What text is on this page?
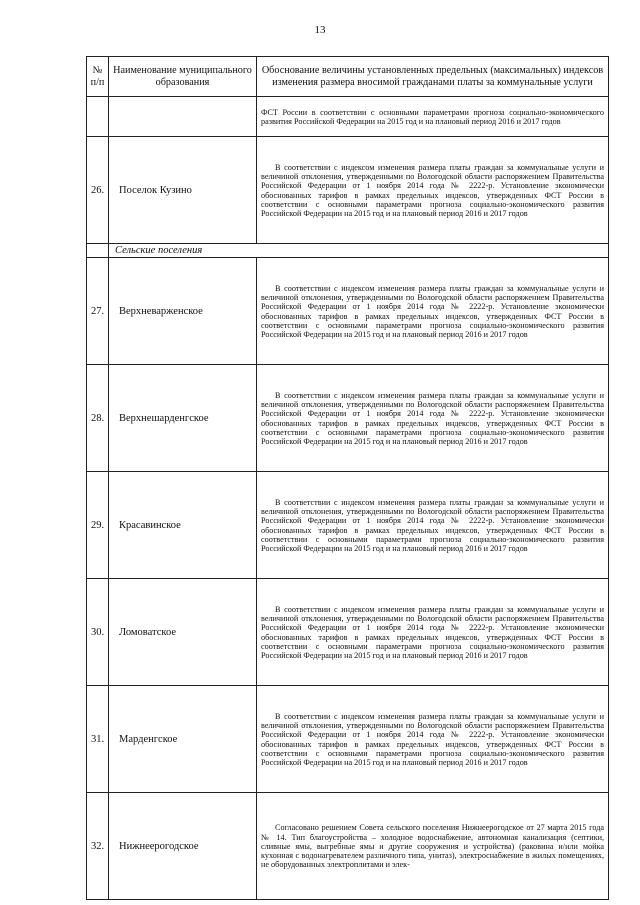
13
№ п/п	Наименование муниципального образования	Обоснование величины установленных предельных (максимальных) индексов изменения размера вносимой гражданами платы за коммунальные услуги

		ФСТ России в соответствии с основными параметрами прогноза социально-экономического развития Российской Федерации на 2015 год и на плановый период 2016 и 2017 годов

26.	Поселок Кузино	В соответствии с индексом изменения размера платы граждан за коммунальные услуги и величиной отклонения, утвержденными по Вологодской области распоряжением Правительства Российской Федерации от 1 ноября 2014 года № 2222-р. Установление экономически обоснованных тарифов в рамках предельных индексов, утвержденных ФСТ России в соответствии с основными параметрами прогноза социально-экономического развития Российской Федерации на 2015 год и на плановый период 2016 и 2017 годов

	Сельские поселения	
27.	Верхневарженское	В соответствии с индексом изменения размера платы граждан за коммунальные услуги и величиной отклонения, утвержденными по Вологодской области распоряжением Правительства Российской Федерации от 1 ноября 2014 года № 2222-р. Установление экономически обоснованных тарифов в рамках предельных индексов, утвержденных ФСТ России в соответствии с основными параметрами прогноза социально-экономического развития Российской Федерации на 2015 год и на плановый период 2016 и 2017 годов

28.	Верхнешарденгское	В соответствии с индексом изменения размера платы граждан за коммунальные услуги и величиной отклонения, утвержденными по Вологодской области распоряжением Правительства Российской Федерации от 1 ноября 2014 года № 2222-р. Установление экономически обоснованных тарифов в рамках предельных индексов, утвержденных ФСТ России в соответствии с основными параметрами прогноза социально-экономического развития Российской Федерации на 2015 год и на плановый период 2016 и 2017 годов

29.	Красавинское	В соответствии с индексом изменения размера платы граждан за коммунальные услуги и величиной отклонения, утвержденными по Вологодской области распоряжением Правительства Российской Федерации от 1 ноября 2014 года № 2222-р. Установление экономически обоснованных тарифов в рамках предельных индексов, утвержденных ФСТ России в соответствии с основными параметрами прогноза социально-экономического развития Российской Федерации на 2015 год и на плановый период 2016 и 2017 годов

30.	Ломоватское	В соответствии с индексом изменения размера платы граждан за коммунальные услуги и величиной отклонения, утвержденными по Вологодской области распоряжением Правительства Российской Федерации от 1 ноября 2014 года № 2222-р. Установление экономически обоснованных тарифов в рамках предельных индексов, утвержденных ФСТ России в соответствии с основными параметрами прогноза социально-экономического развития Российской Федерации на 2015 год и на плановый период 2016 и 2017 годов

31.	Марденгское	В соответствии с индексом изменения размера платы граждан за коммунальные услуги и величиной отклонения, утвержденными по Вологодской области распоряжением Правительства Российской Федерации от 1 ноября 2014 года № 2222-р. Установление экономически обоснованных тарифов в рамках предельных индексов, утвержденных ФСТ России в соответствии с основными параметрами прогноза социально-экономического развития Российской Федерации на 2015 год и на плановый период 2016 и 2017 годов

32.	Нижнеерогодское	Согласовано решением Совета сельского поселения Нижнеерогодское от 27 марта 2015 года № 14. Тип благоустройства – холодное водоснабжение, автономная канализация (септики, сливные ямы, выгребные ямы и другие сооружения и устройства) (раковина и/или мойка кухонная с водонагревателем различного типа, унитаз), электроснабжение в жилых помещениях, не оборудованных электроплитами и элек-
